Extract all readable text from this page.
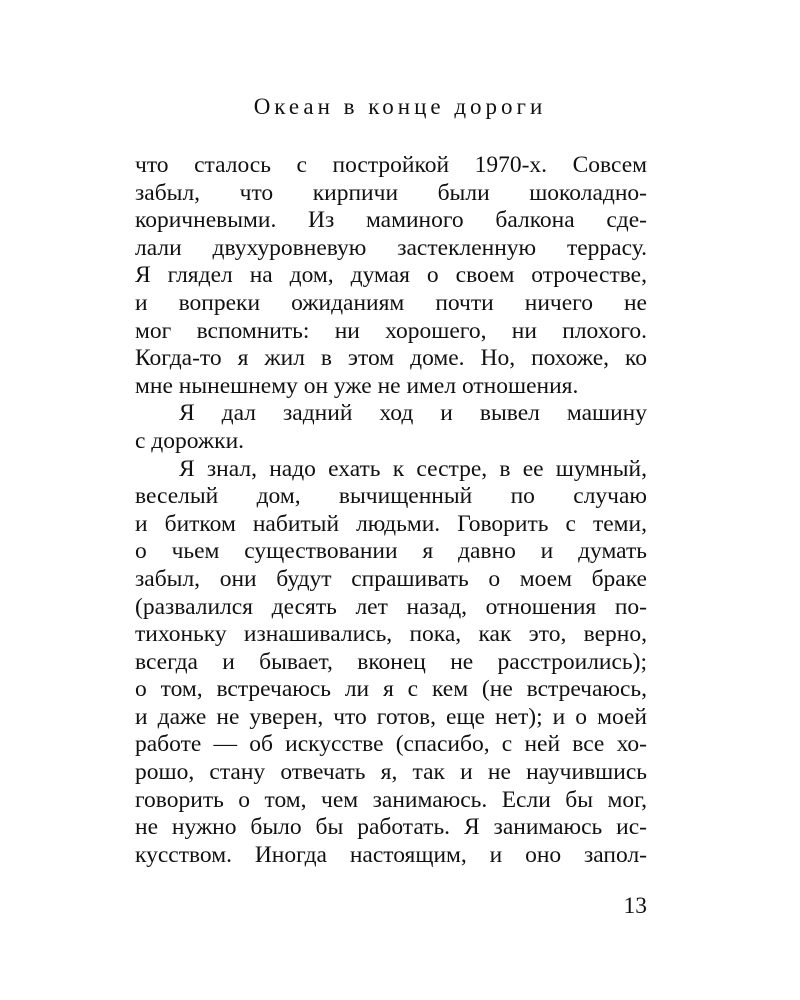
Океан в конце дороги
что сталось с постройкой 1970-х. Совсем
забыл, что кирпичи были шоколадно-
коричневыми. Из маминого балкона сде-
лали двухуровневую застекленную террасу.
Я глядел на дом, думая о своем отрочестве,
и вопреки ожиданиям почти ничего не
мог вспомнить: ни хорошего, ни плохого.
Когда-то я жил в этом доме. Но, похоже, ко
мне нынешнему он уже не имел отношения.
Я дал задний ход и вывел машину
с дорожки.
Я знал, надо ехать к сестре, в ее шумный,
веселый дом, вычищенный по случаю
и битком набитый людьми. Говорить с теми,
о чьем существовании я давно и думать
забыл, они будут спрашивать о моем браке
(развалился десять лет назад, отношения по-
тихоньку изнашивались, пока, как это, верно,
всегда и бывает, вконец не расстроились);
о том, встречаюсь ли я с кем (не встречаюсь,
и даже не уверен, что готов, еще нет); и о моей
работе — об искусстве (спасибо, с ней все хо-
рошо, стану отвечать я, так и не научившись
говорить о том, чем занимаюсь. Если бы мог,
не нужно было бы работать. Я занимаюсь ис-
кусством. Иногда настоящим, и оно запол-
13
